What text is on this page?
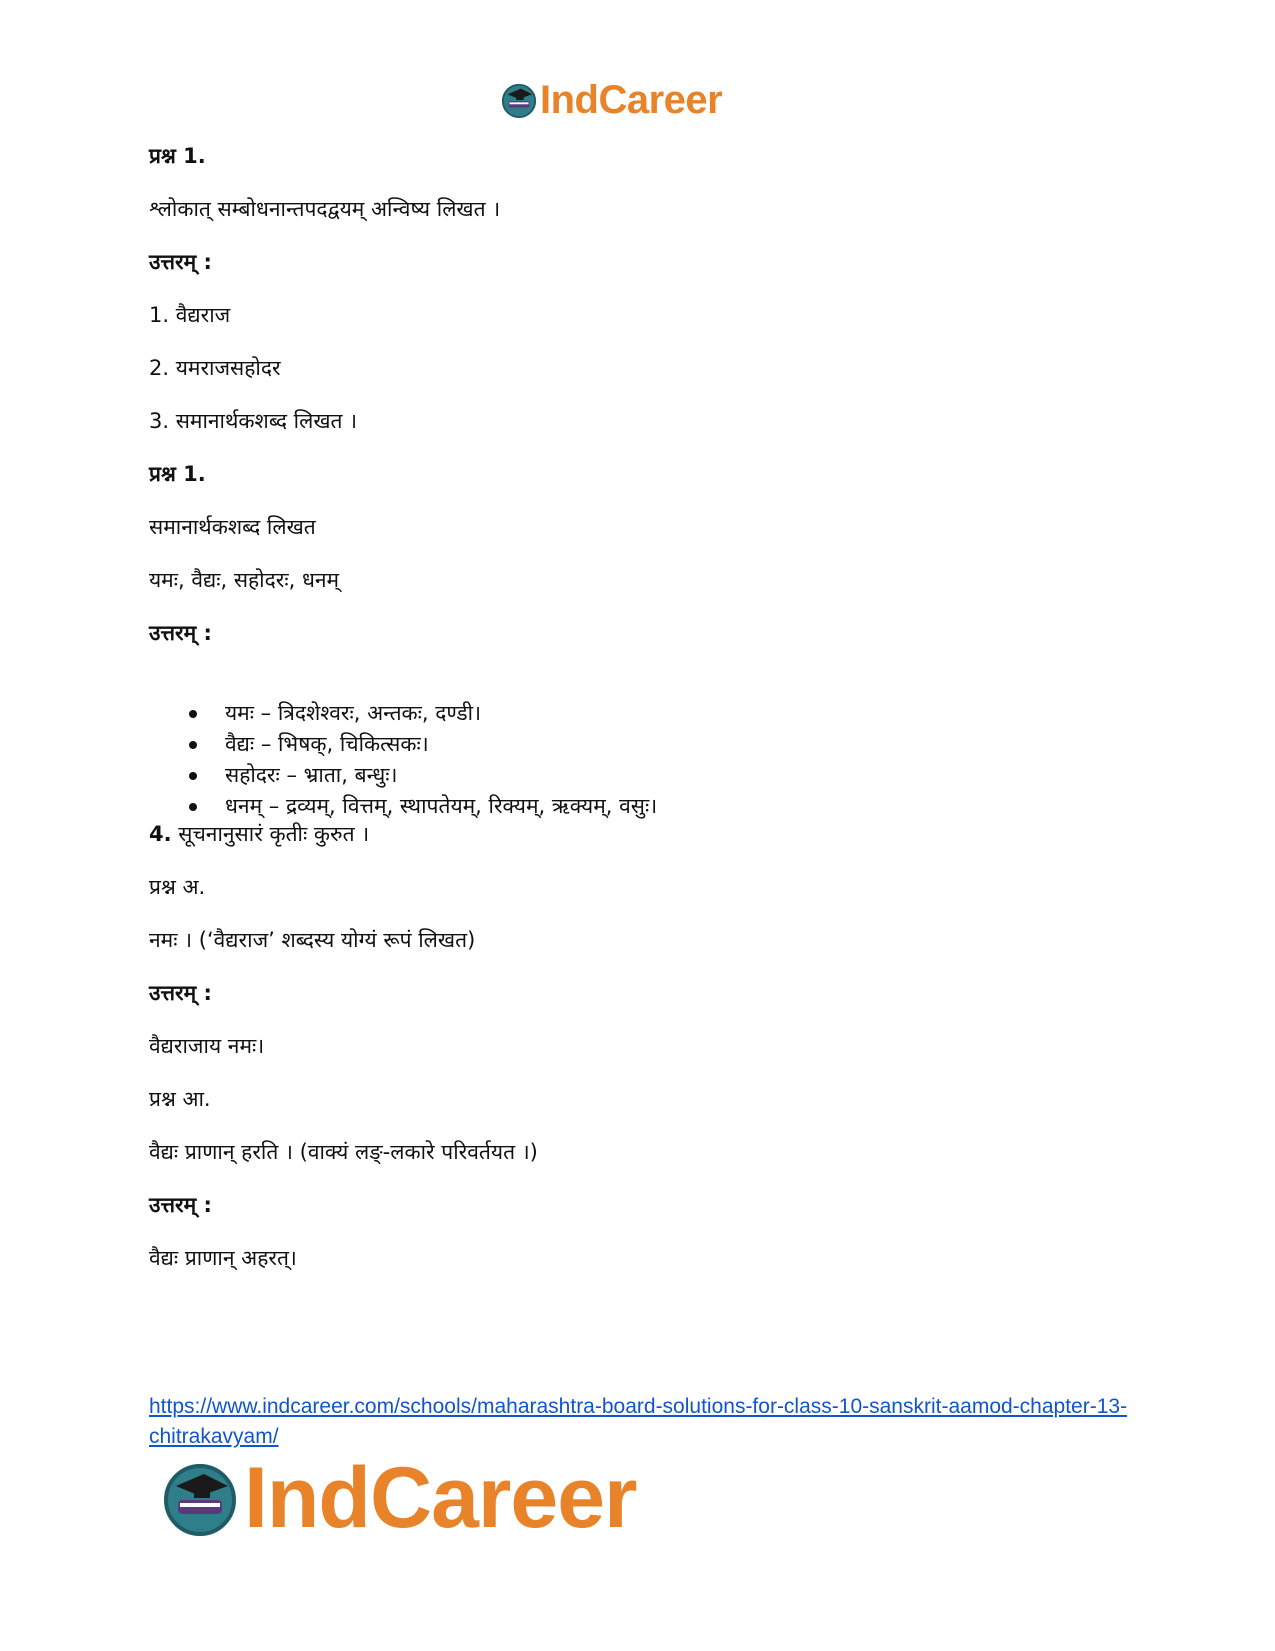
IndCareer
प्रश्न 1.
श्लोकात् सम्बोधनान्तपदद्वयम् अन्विष्य लिखत ।
उत्तरम् :
1. वैद्यराज
2. यमराजसहोदर
3. समानार्थकशब्द लिखत ।
प्रश्न 1.
समानार्थकशब्द लिखत
यमः, वैद्यः, सहोदरः, धनम्
उत्तरम् :
यमः – त्रिदशेश्वरः, अन्तकः, दण्डी।
वैद्यः – भिषक्, चिकित्सकः।
सहोदरः – भ्राता, बन्धुः।
धनम् – द्रव्यम्, वित्तम्, स्थापतेयम्, रिक्यम्, ऋक्यम्, वसुः।
4. सूचनानुसारं कृतीः कुरुत ।
प्रश्न अ.
नमः । (‘वैद्यराज’ शब्दस्य योग्यं रूपं लिखत)
उत्तरम् :
वैद्यराजाय नमः।
प्रश्न आ.
वैद्यः प्राणान् हरति । (वाक्यं लङ्-लकारे परिवर्तयत ।)
उत्तरम् :
वैद्यः प्राणान् अहरत्।
https://www.indcareer.com/schools/maharashtra-board-solutions-for-class-10-sanskrit-aamod-chapter-13-chitrakavyam/
IndCareer
